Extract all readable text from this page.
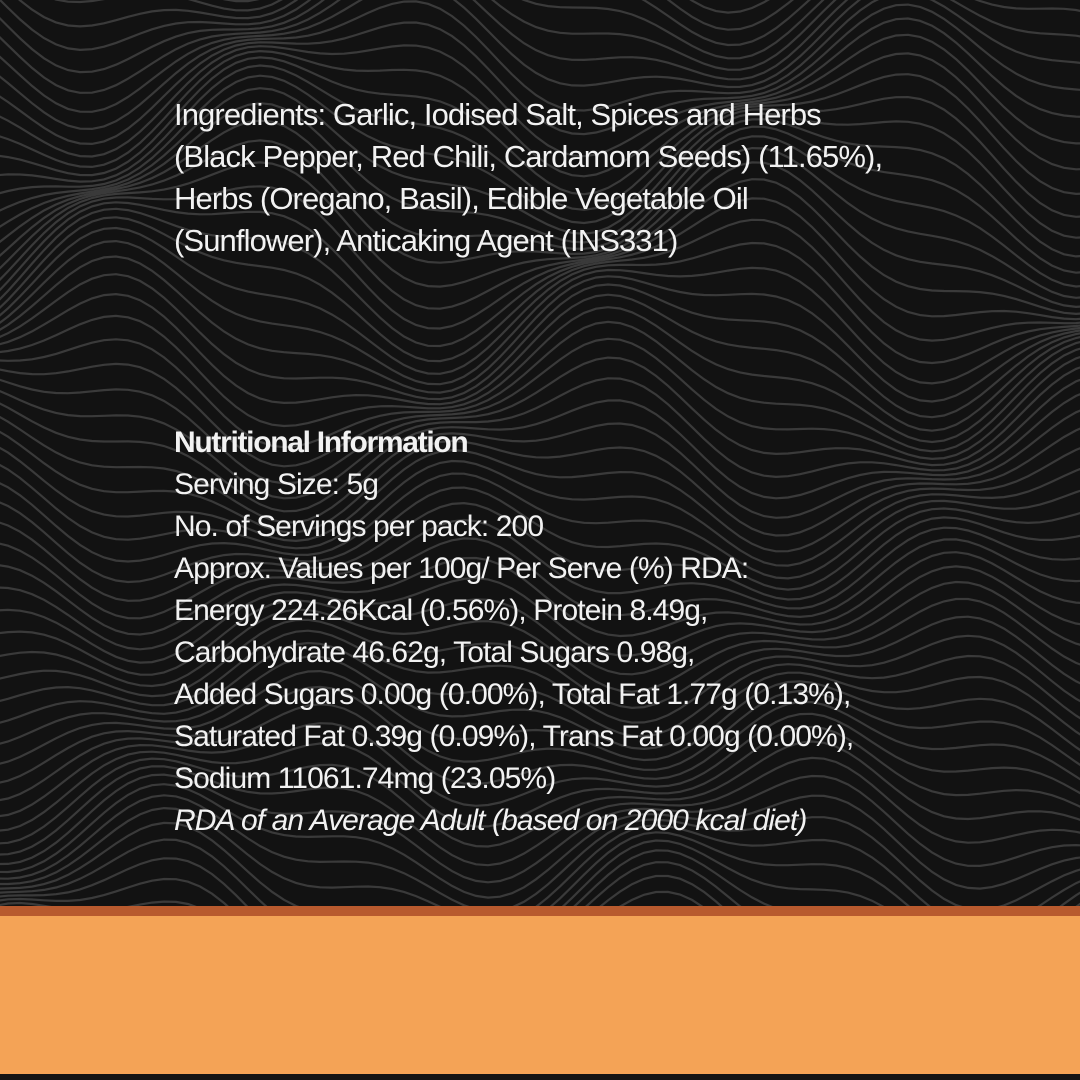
Ingredients: Garlic, Iodised Salt, Spices and Herbs
(Black Pepper, Red Chili, Cardamom Seeds) (11.65%),
Herbs (Oregano, Basil), Edible Vegetable Oil
(Sunflower), Anticaking Agent (INS331)
Nutritional Information
Serving Size: 5g
No. of Servings per pack: 200
Approx. Values per 100g/ Per Serve (%) RDA:
Energy 224.26Kcal (0.56%), Protein 8.49g,
Carbohydrate 46.62g, Total Sugars 0.98g,
Added Sugars 0.00g (0.00%), Total Fat 1.77g (0.13%),
Saturated Fat 0.39g (0.09%), Trans Fat 0.00g (0.00%),
Sodium 11061.74mg (23.05%)
RDA of an Average Adult (based on 2000 kcal diet)
